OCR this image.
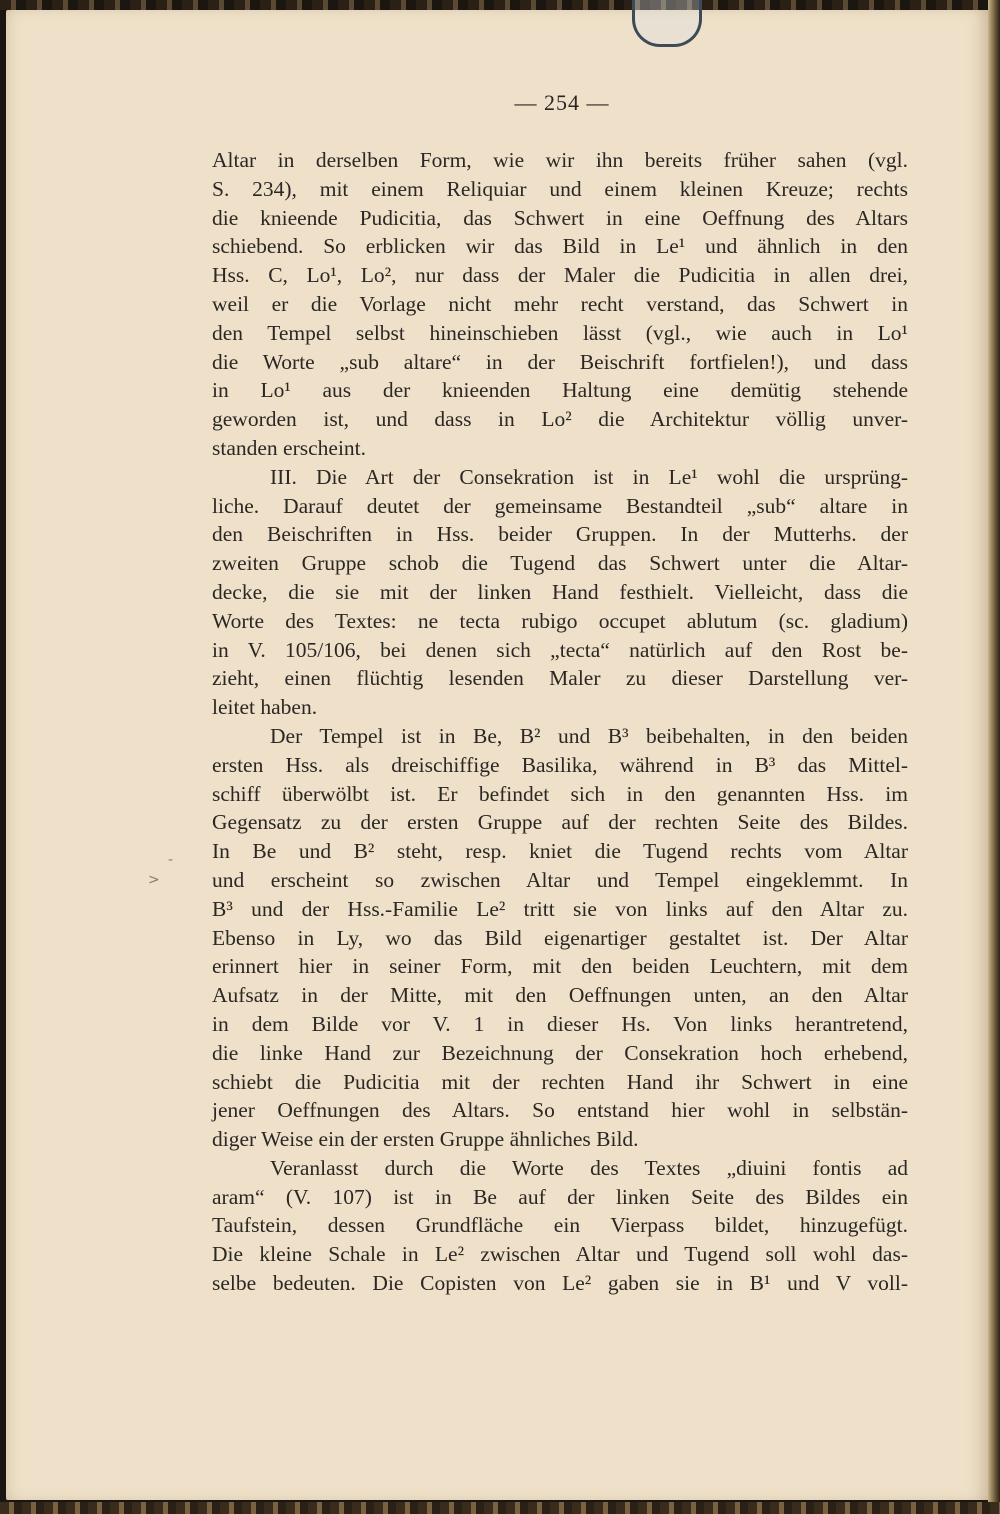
— 254 —
>
-
Altar in derselben Form, wie wir ihn bereits früher sahen (vgl.
S. 234), mit einem Reliquiar und einem kleinen Kreuze; rechts
die knieende Pudicitia, das Schwert in eine Oeffnung des Altars
schiebend. So erblicken wir das Bild in Le¹ und ähnlich in den
Hss. C, Lo¹, Lo², nur dass der Maler die Pudicitia in allen drei,
weil er die Vorlage nicht mehr recht verstand, das Schwert in
den Tempel selbst hineinschieben lässt (vgl., wie auch in Lo¹
die Worte „sub altare“ in der Beischrift fortfielen!), und dass
in Lo¹ aus der knieenden Haltung eine demütig stehende
geworden ist, und dass in Lo² die Architektur völlig unver-
standen erscheint.
III. Die Art der Consekration ist in Le¹ wohl die ursprüng-
liche. Darauf deutet der gemeinsame Bestandteil „sub“ altare in
den Beischriften in Hss. beider Gruppen. In der Mutterhs. der
zweiten Gruppe schob die Tugend das Schwert unter die Altar-
decke, die sie mit der linken Hand festhielt. Vielleicht, dass die
Worte des Textes: ne tecta rubigo occupet ablutum (sc. gladium)
in V. 105/106, bei denen sich „tecta“ natürlich auf den Rost be-
zieht, einen flüchtig lesenden Maler zu dieser Darstellung ver-
leitet haben.
Der Tempel ist in Be, B² und B³ beibehalten, in den beiden
ersten Hss. als dreischiffige Basilika, während in B³ das Mittel-
schiff überwölbt ist. Er befindet sich in den genannten Hss. im
Gegensatz zu der ersten Gruppe auf der rechten Seite des Bildes.
In Be und B² steht, resp. kniet die Tugend rechts vom Altar
und erscheint so zwischen Altar und Tempel eingeklemmt. In
B³ und der Hss.-Familie Le² tritt sie von links auf den Altar zu.
Ebenso in Ly, wo das Bild eigenartiger gestaltet ist. Der Altar
erinnert hier in seiner Form, mit den beiden Leuchtern, mit dem
Aufsatz in der Mitte, mit den Oeffnungen unten, an den Altar
in dem Bilde vor V. 1 in dieser Hs. Von links herantretend,
die linke Hand zur Bezeichnung der Consekration hoch erhebend,
schiebt die Pudicitia mit der rechten Hand ihr Schwert in eine
jener Oeffnungen des Altars. So entstand hier wohl in selbstän-
diger Weise ein der ersten Gruppe ähnliches Bild.
Veranlasst durch die Worte des Textes „diuini fontis ad
aram“ (V. 107) ist in Be auf der linken Seite des Bildes ein
Taufstein, dessen Grundfläche ein Vierpass bildet, hinzugefügt.
Die kleine Schale in Le² zwischen Altar und Tugend soll wohl das-
selbe bedeuten. Die Copisten von Le² gaben sie in B¹ und V voll-
